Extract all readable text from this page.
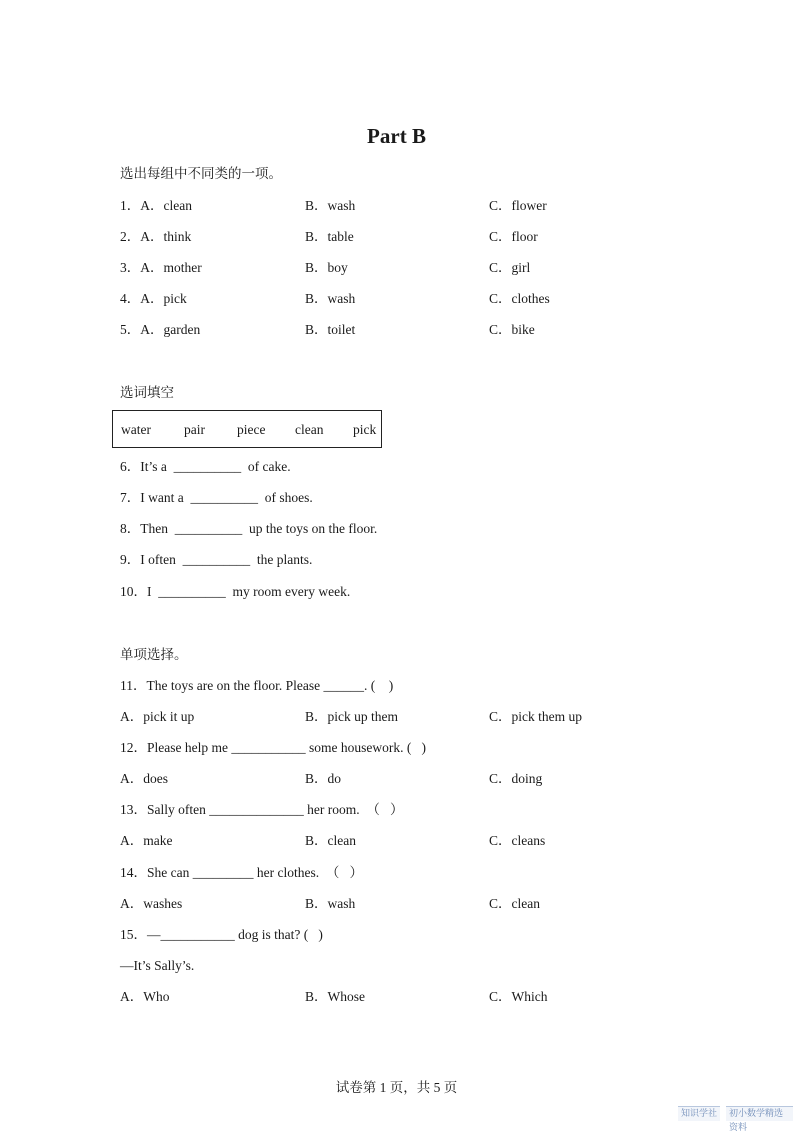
Part B
选出每组中不同类的一项。
1．A．clean	B．wash	C．flower
2．A．think	B．table	C．floor
3．A．mother	B．boy	C．girl
4．A．pick	B．wash	C．clothes
5．A．garden	B．toilet	C．bike
选词填空
water pair piece clean pick
6．It’s a  __________  of cake.
7．I want a  __________  of shoes.
8．Then  __________  up the toys on the floor.
9．I often  __________  the plants.
10．I  __________  my room every week.
单项选择。
11．The toys are on the floor. Please ______. (    )
A．pick it up	B．pick up them	C．pick them up
12．Please help me ___________ some housework. (   )
A．does	B．do	C．doing
13．Sally often ______________ her room.  （   ）
A．make	B．clean	C．cleans
14．She can _________ her clothes.  （   ）
A．washes	B．wash	C．clean
15．—___________ dog is that? (   )
—It’s Sally’s.
A．Who	B．Whose	C．Which
试卷第 1 页，共 5 页
知识学社	初小数学精选资料
